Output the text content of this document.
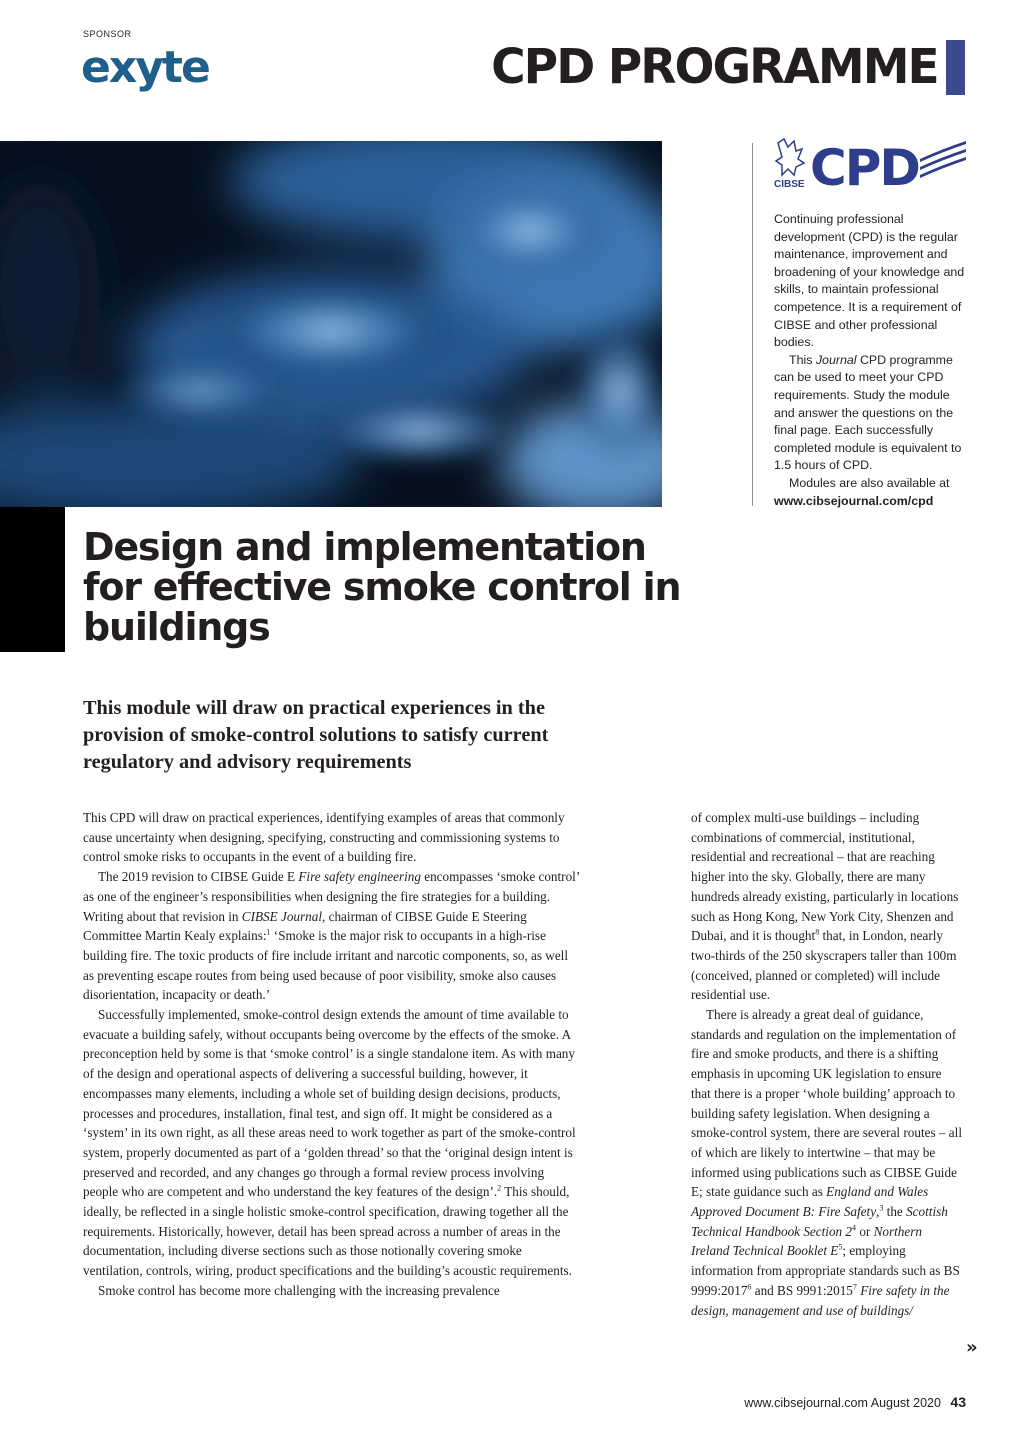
SPONSOR
exyte	CPD PROGRAMME
CIBSE CPD

Continuing professional development (CPD) is the regular maintenance, improvement and broadening of your knowledge and skills, to maintain professional competence. It is a requirement of CIBSE and other professional bodies.

This Journal CPD programme can be used to meet your CPD requirements. Study the module and answer the questions on the final page. Each successfully completed module is equivalent to 1.5 hours of CPD.

Modules are also available at

www.cibsejournal.com/cpd

Design and implementation for effective smoke control in buildings

This module will draw on practical experiences in the provision of smoke-control solutions to satisfy current regulatory and advisory requirements

This CPD will draw on practical experiences, identifying examples of areas that commonly cause uncertainty when designing, specifying, constructing and commissioning systems to control smoke risks to occupants in the event of a building fire.

The 2019 revision to CIBSE Guide E Fire safety engineering encompasses ‘smoke control’ as one of the engineer’s responsibilities when designing the fire strategies for a building. Writing about that revision in CIBSE Journal, chairman of CIBSE Guide E Steering Committee Martin Kealy explains:$^1$ ‘Smoke is the major risk to occupants in a high-rise building fire. The toxic products of fire include irritant and narcotic components, so, as well as preventing escape routes from being used because of poor visibility, smoke also causes disorientation, incapacity or death.’

Successfully implemented, smoke-control design extends the amount of time available to evacuate a building safely, without occupants being overcome by the effects of the smoke. A preconception held by some is that ‘smoke control’ is a single standalone item. As with many of the design and operational aspects of delivering a successful building, however, it encompasses many elements, including a whole set of building design decisions, products, processes and procedures, installation, final test, and sign off. It might be considered as a ‘system’ in its own right, as all these areas need to work together as part of the smoke-control system, properly documented as part of a ‘golden thread’ so that the ‘original design intent is preserved and recorded, and any changes go through a formal review process involving people who are competent and who understand the key features of the design’.$^2$ This should, ideally, be reflected in a single holistic smoke-control specification, drawing together all the requirements. Historically, however, detail has been spread across a number of areas in the documentation, including diverse sections such as those notionally covering smoke ventilation, controls, wiring, product specifications and the building’s acoustic requirements.

Smoke control has become more challenging with the increasing prevalence

of complex multi-use buildings – including combinations of commercial, institutional, residential and recreational – that are reaching higher into the sky. Globally, there are many hundreds already existing, particularly in locations such as Hong Kong, New York City, Shenzen and Dubai, and it is thought$^8$ that, in London, nearly two-thirds of the 250 skyscrapers taller than 100m (conceived, planned or completed) will include residential use.

There is already a great deal of guidance, standards and regulation on the implementation of fire and smoke products, and there is a shifting emphasis in upcoming UK legislation to ensure that there is a proper ‘whole building’ approach to building safety legislation. When designing a smoke-control system, there are several routes – all of which are likely to intertwine – that may be informed using publications such as CIBSE Guide E; state guidance such as England and Wales Approved Document B: Fire Safety,$^3$ the Scottish Technical Handbook Section $2^4$ or Northern Ireland Technical Booklet $E^5$; employing information from appropriate standards such as BS 9999:2017$^6$ and BS 9991:2015$^7$ Fire safety in the design, management and use of buildings/

»
www.cibsejournal.com August 2020 43
